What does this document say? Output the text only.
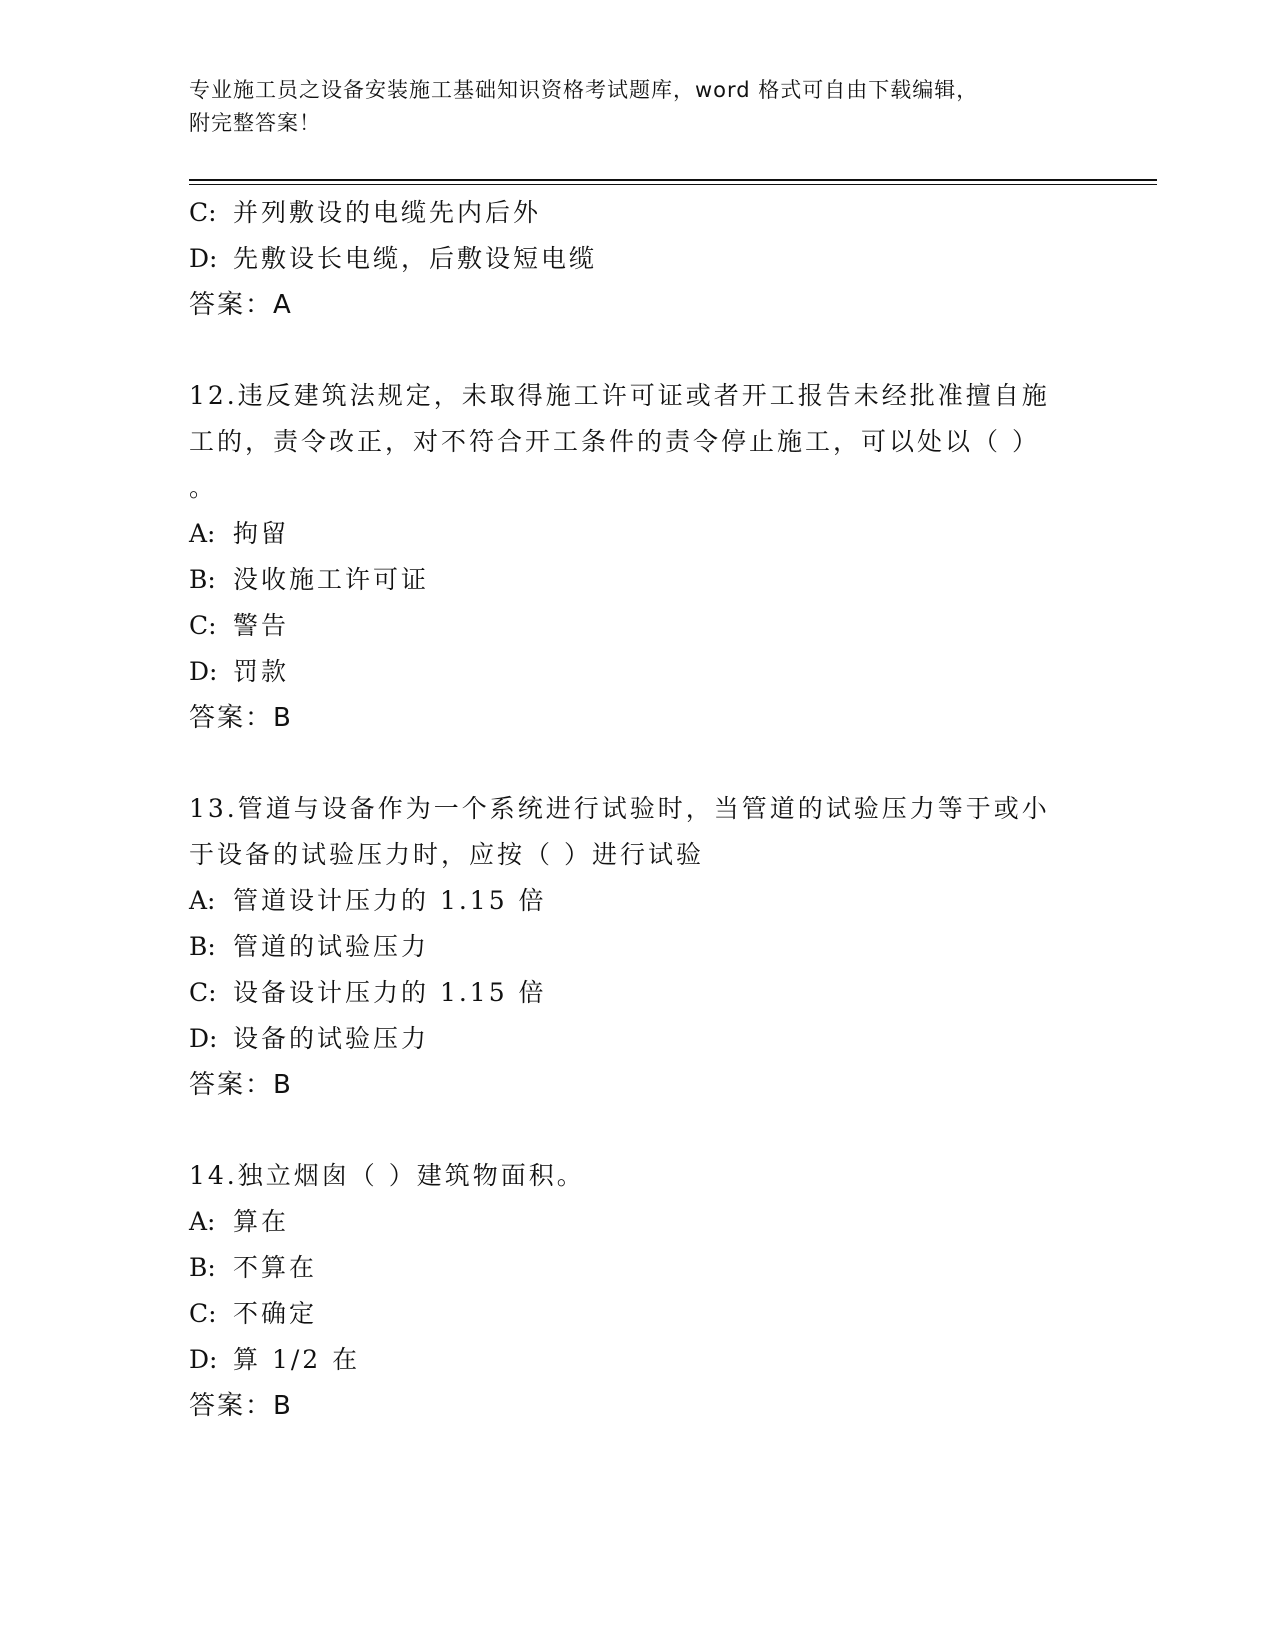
专业施工员之设备安装施工基础知识资格考试题库，word 格式可自由下载编辑，
附完整答案！
C: 并列敷设的电缆先内后外
D: 先敷设长电缆，后敷设短电缆
答案：A
12.违反建筑法规定，未取得施工许可证或者开工报告未经批准擅自施
工的，责令改正，对不符合开工条件的责令停止施工，可以处以（ ）
。
A: 拘留
B: 没收施工许可证
C: 警告
D: 罚款
答案：B
13.管道与设备作为一个系统进行试验时，当管道的试验压力等于或小
于设备的试验压力时，应按（ ）进行试验
A: 管道设计压力的 1.15 倍
B: 管道的试验压力
C: 设备设计压力的 1.15 倍
D: 设备的试验压力
答案：B
14.独立烟囱（ ）建筑物面积。
A: 算在
B: 不算在
C: 不确定
D: 算 1/2 在
答案：B
